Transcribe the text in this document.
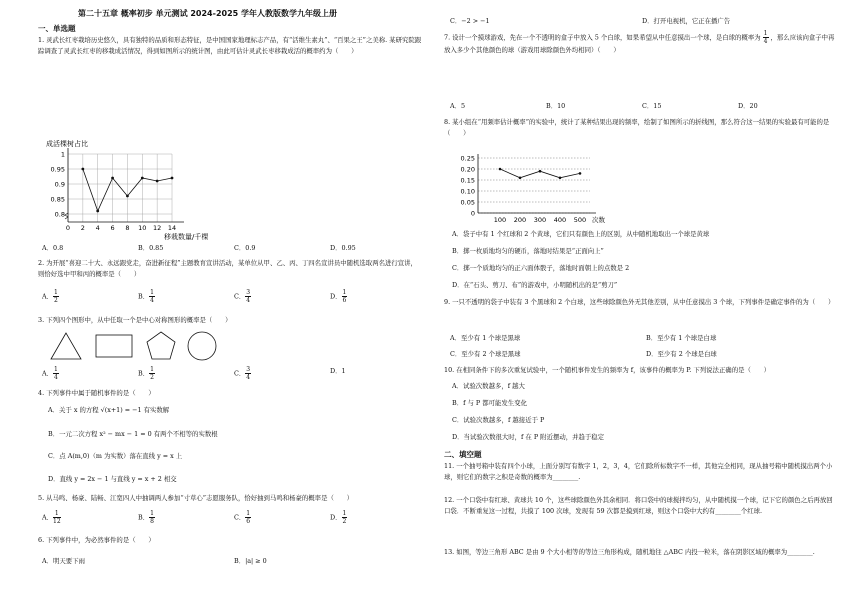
第二十五章 概率初步 单元测试 2024-2025 学年人教版数学九年级上册
一、单选题
1. 灵武长红枣栽培历史悠久，具有独特的品质和形态特征，是中国国家地理标志产品，有“活维生素丸”、“百果之王”之美称. 某研究院跟踪调查了灵武长红枣的移栽成活情况，得到如图所示的统计图，由此可估计灵武长枣移栽成活的概率约为（　　）
成活棵树占比
0.8
0.85
0.9
0.95
1
0 2 4 6 8 10 12 14
移栽数量/千棵
A．0.8	B．0.85	C．0.9	D．0.95
2. 为开展“喜迎二十大、永远跟党走，奋进新征程”主题教育宣讲活动，某单位从甲、乙、丙、丁四名宣讲员中随机选取两名进行宣讲，则恰好选中甲和丙的概率是（　　）
A． $\frac{1}{2}$	B． $\frac{1}{4}$	C． $\frac{3}{4}$	D． $\frac{1}{6}$
3. 下列四个图形中，从中任取一个是中心对称图形的概率是（　　）
A． $\frac{1}{4}$	B． $\frac{1}{2}$	C． $\frac{3}{4}$	D．1
4. 下列事件中属于随机事件的是（　　）
A．关于 x 的方程 √(x+1) = −1 有实数解
B．一元二次方程 x² − mx − 1 = 0 有两个不相等的实数根
C．点 A(m,0)（m 为实数）落在直线 y = x 上
D．直线 y = 2x − 1 与直线 y = x + 2 相交
5. 从马鸣、杨豪、陆畅、江宽四人中抽调两人参加“寸草心”志愿服务队，恰好抽到马鸣和杨豪的概率是（　　）
A． $\frac{1}{12}$	B． $\frac{1}{8}$	C． $\frac{1}{6}$	D． $\frac{1}{2}$
6. 下列事件中，为必然事件的是（　　）
A．明天要下雨	B．|a| ≥ 0
C．−2 > −1	D．打开电视机，它正在播广告
7. 设计一个摸球游戏，先在一个不透明的盒子中放入 5 个白球，如果希望从中任意摸出一个球，是白球的概率为 $\frac{1}{4}$ ，那么应该向盒子中再放入多少个其他颜色的球（游戏用球除颜色外均相同）（　　）
A．5	B．10	C．15	D．20
8. 某小组在“用频率估计概率”的实验中，统计了某种结果出现的频率，绘制了如图所示的折线图，那么符合这一结果的实验最有可能的是（　　）
0
0.05
0.10
0.15
0.20
0.25
100 200 300 400 500 次数
A．袋子中有 1 个红球和 2 个黄球，它们只有颜色上的区别，从中随机地取出一个球是黄球
B．掷一枚质地均匀的硬币，落地时结果是“正面向上”
C．掷一个质地均匀的正六面体骰子，落地时面朝上的点数是 2
D．在“石头、剪刀、布”的游戏中，小明随机出的是“剪刀”
9. 一只不透明的袋子中装有 3 个黑球和 2 个白球，这些球除颜色外无其他差别，从中任意摸出 3 个球，下列事件是确定事件的为（　　）
A．至少有 1 个球是黑球	B．至少有 1 个球是白球
C．至少有 2 个球是黑球	D．至少有 2 个球是白球
10. 在相同条件下的多次重复试验中，一个随机事件发生的频率为 f，该事件的概率为 P. 下列说法正确的是（　　）
A．试验次数越多，f 越大
B．f 与 P 都可能发生变化
C．试验次数越多，f 越接近于 P
D．当试验次数很大时，f 在 P 附近摆动，并趋于稳定
二、填空题
11. 一个抽号箱中装有四个小球，上面分别写有数字 1，2，3，4，它们除所标数字不一样，其他完全相同，现从抽号箱中随机摸出两个小球，则它们的数字之积是奇数的概率为________.
12. 一个口袋中有红球、黄球共 10 个，这些球除颜色外其余相同．将口袋中的球搅拌均匀，从中随机摸一个球，记下它的颜色之后再放回口袋．不断重复这一过程，共摸了 100 次球，发现有 59 次都是摸到红球，则这个口袋中大约有________个红球.
13. 如图，等边三角形 ABC 是由 9 个大小相等的等边三角形构成，随机地往 △ABC 内投一粒米，落在阴影区域的概率为________.
